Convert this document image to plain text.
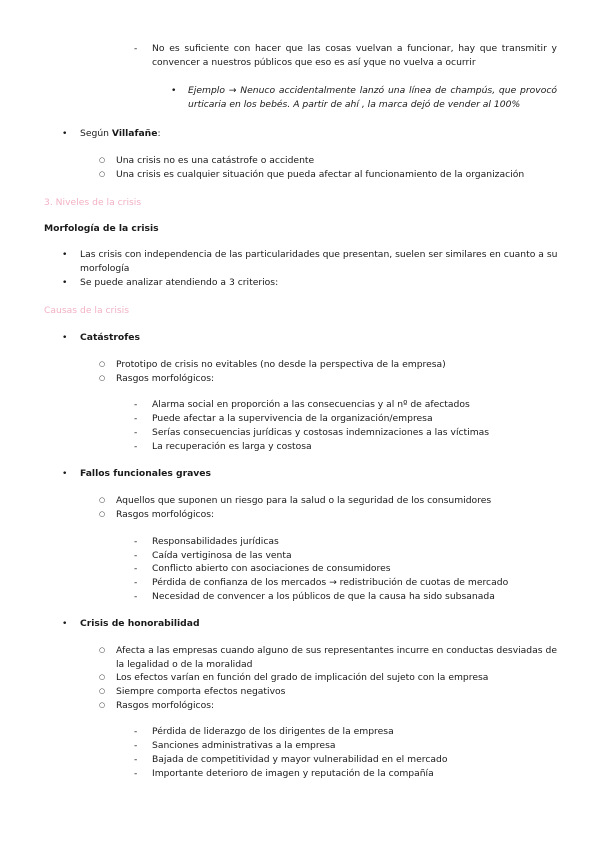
- No es suficiente con hacer que las cosas vuelvan a funcionar, hay que transmitir y
convencer a nuestros públicos que eso es así yque no vuelva a ocurrir
• Ejemplo → Nenuco accidentalmente lanzó una línea de champús, que provocó
urticaria en los bebés. A partir de ahí , la marca dejó de vender al 100%
• Según Villafañe:
○ Una crisis no es una catástrofe o accidente
○ Una crisis es cualquier situación que pueda afectar al funcionamiento de la organización
3. Niveles de la crisis
Morfología de la crisis
• Las crisis con independencia de las particularidades que presentan, suelen ser similares en cuanto a su
morfología
• Se puede analizar atendiendo a 3 criterios:
Causas de la crisis
• Catástrofes
○ Prototipo de crisis no evitables (no desde la perspectiva de la empresa)
○ Rasgos morfológicos:
- Alarma social en proporción a las consecuencias y al nº de afectados
- Puede afectar a la supervivencia de la organización/empresa
- Serías consecuencias jurídicas y costosas indemnizaciones a las víctimas
- La recuperación es larga y costosa
• Fallos funcionales graves
○ Aquellos que suponen un riesgo para la salud o la seguridad de los consumidores
○ Rasgos morfológicos:
- Responsabilidades jurídicas
- Caída vertiginosa de las venta
- Conflicto abierto con asociaciones de consumidores
- Pérdida de confianza de los mercados → redistribución de cuotas de mercado
- Necesidad de convencer a los públicos de que la causa ha sido subsanada
• Crisis de honorabilidad
○ Afecta a las empresas cuando alguno de sus representantes incurre en conductas desviadas de
la legalidad o de la moralidad
○ Los efectos varían en función del grado de implicación del sujeto con la empresa
○ Siempre comporta efectos negativos
○ Rasgos morfológicos:
- Pérdida de liderazgo de los dirigentes de la empresa
- Sanciones administrativas a la empresa
- Bajada de competitividad y mayor vulnerabilidad en el mercado
- Importante deterioro de imagen y reputación de la compañía
